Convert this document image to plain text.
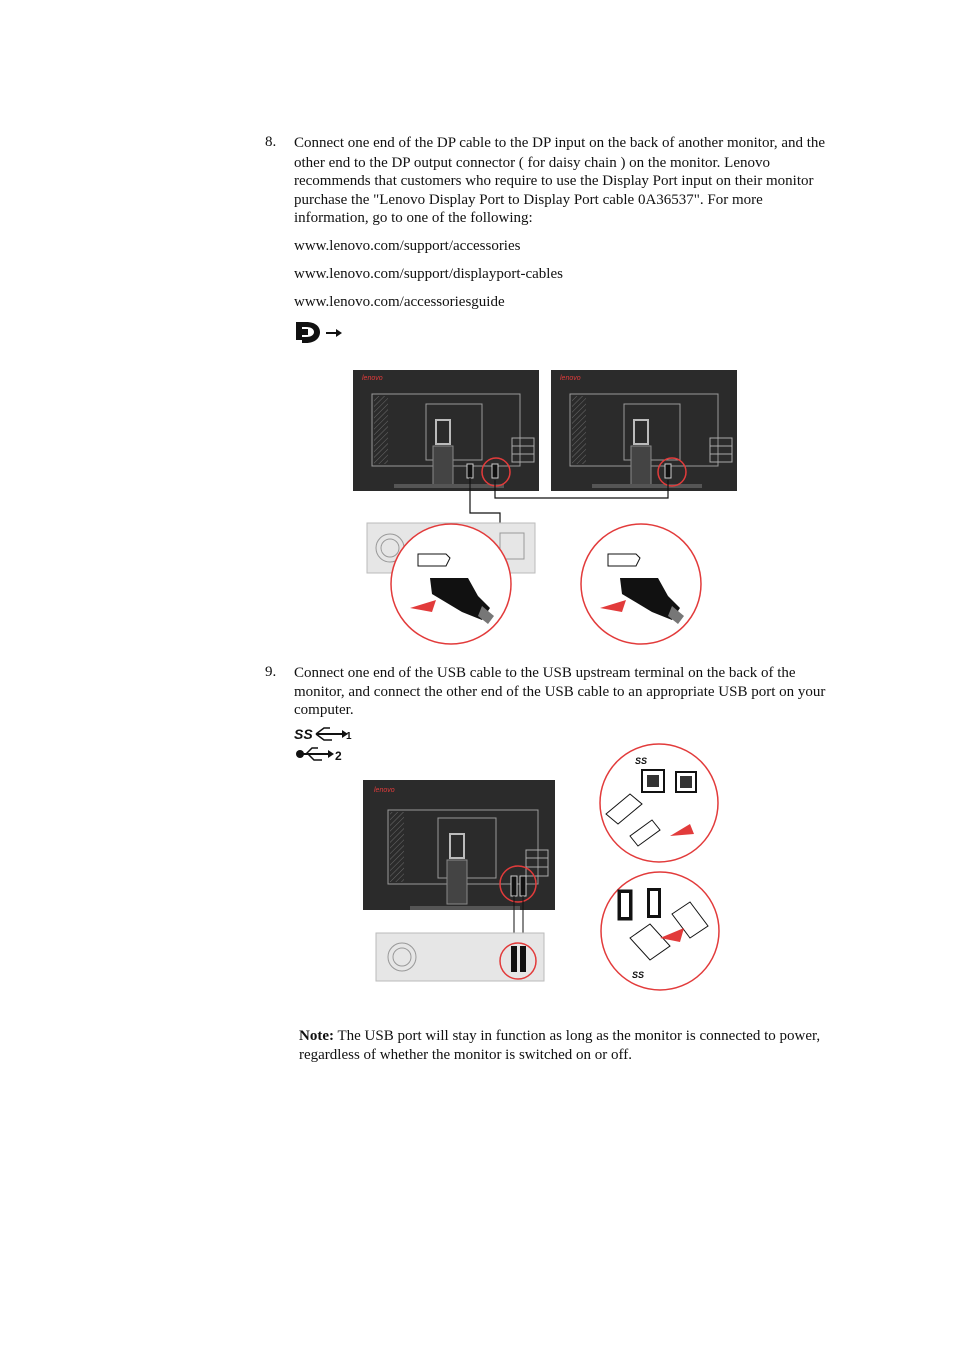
8. Connect one end of the DP cable to the DP input on the back of another monitor, and the
other end to the DP output connector ( for daisy chain ) on the monitor. Lenovo
recommends that customers who require to use the Display Port input on their monitor
purchase the "Lenovo Display Port to Display Port cable 0A36537". For more
information, go to one of the following:
www.lenovo.com/support/accessories
www.lenovo.com/support/displayport-cables
www.lenovo.com/accessoriesguide
lenovo	lenovo
9. Connect one end of the USB cable to the USB upstream terminal on the back of the
monitor, and connect the other end of the USB cable to an appropriate USB port on your
computer.
SS	1
2
lenovo
SS
SS
Note: The USB port will stay in function as long as the monitor is connected to power,
regardless of whether the monitor is switched on or off.
